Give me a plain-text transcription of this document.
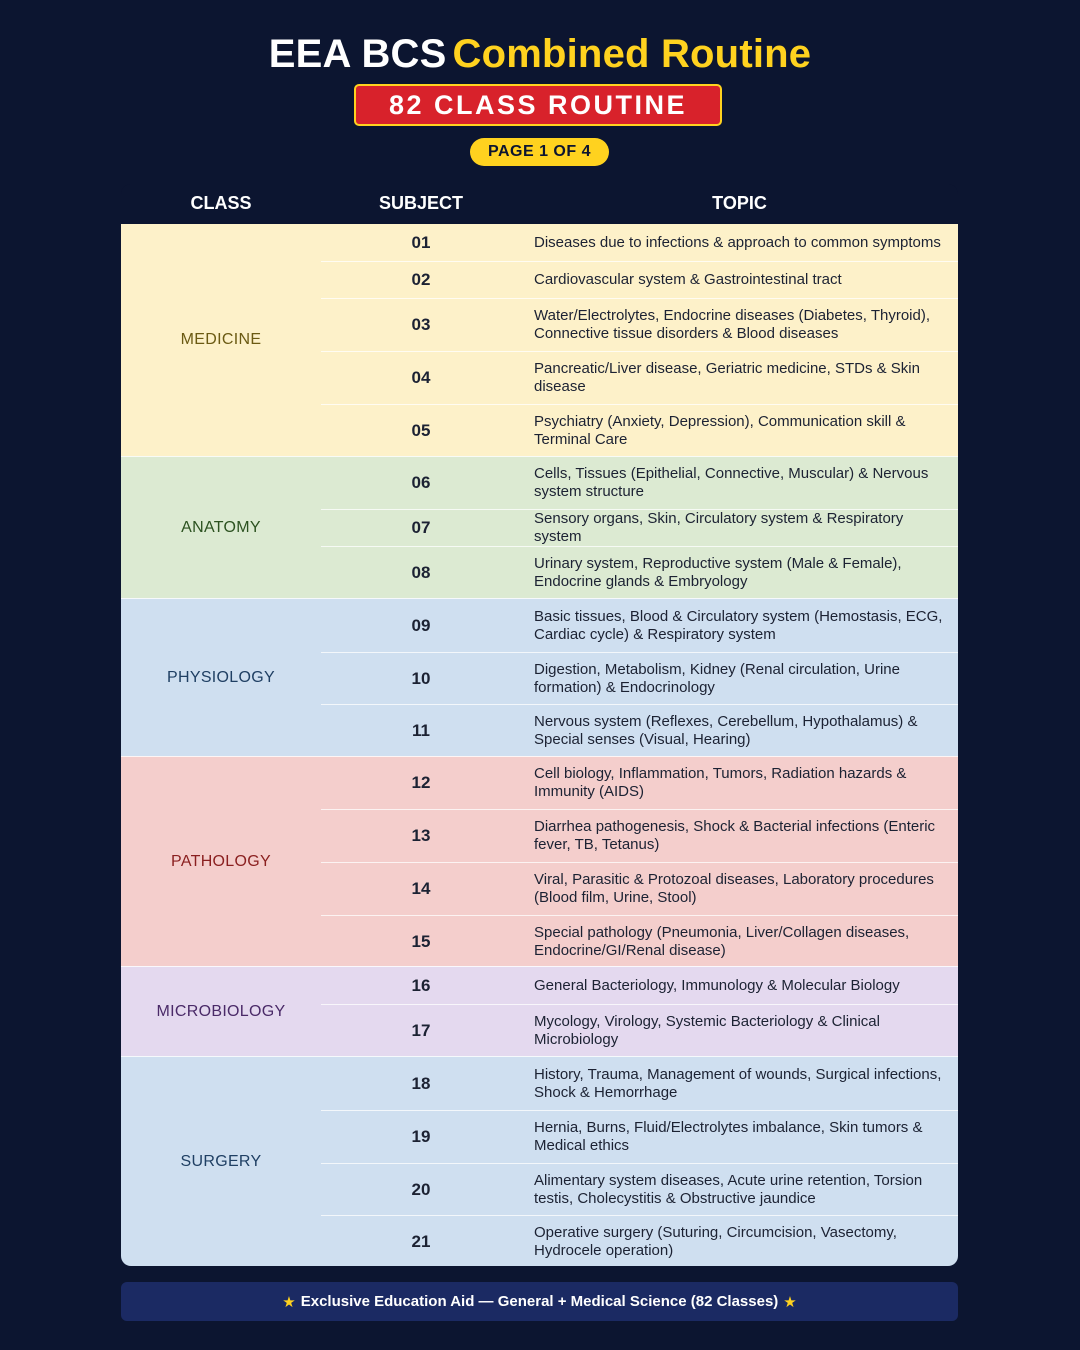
EEA BCS Combined Routine
82 CLASS ROUTINE
PAGE 1 OF 4
CLASS	SUBJECT	TOPIC
MEDICINE
01	Diseases due to infections & approach to common symptoms
02	Cardiovascular system & Gastrointestinal tract
03	Water/Electrolytes, Endocrine diseases (Diabetes, Thyroid), Connective tissue disorders & Blood diseases
04	Pancreatic/Liver disease, Geriatric medicine, STDs & Skin disease
05	Psychiatry (Anxiety, Depression), Communication skill & Terminal Care
ANATOMY
06	Cells, Tissues (Epithelial, Connective, Muscular) & Nervous system structure
07	Sensory organs, Skin, Circulatory system & Respiratory system
08	Urinary system, Reproductive system (Male & Female), Endocrine glands & Embryology
PHYSIOLOGY
09	Basic tissues, Blood & Circulatory system (Hemostasis, ECG, Cardiac cycle) & Respiratory system
10	Digestion, Metabolism, Kidney (Renal circulation, Urine formation) & Endocrinology
11	Nervous system (Reflexes, Cerebellum, Hypothalamus) & Special senses (Visual, Hearing)
PATHOLOGY
12	Cell biology, Inflammation, Tumors, Radiation hazards & Immunity (AIDS)
13	Diarrhea pathogenesis, Shock & Bacterial infections (Enteric fever, TB, Tetanus)
14	Viral, Parasitic & Protozoal diseases, Laboratory procedures (Blood film, Urine, Stool)
15	Special pathology (Pneumonia, Liver/Collagen diseases, Endocrine/GI/Renal disease)
MICROBIOLOGY
16	General Bacteriology, Immunology & Molecular Biology
17	Mycology, Virology, Systemic Bacteriology & Clinical Microbiology
SURGERY
18	History, Trauma, Management of wounds, Surgical infections, Shock & Hemorrhage
19	Hernia, Burns, Fluid/Electrolytes imbalance, Skin tumors & Medical ethics
20	Alimentary system diseases, Acute urine retention, Torsion testis, Cholecystitis & Obstructive jaundice
21	Operative surgery (Suturing, Circumcision, Vasectomy, Hydrocele operation)
★ Exclusive Education Aid — General + Medical Science (82 Classes) ★
